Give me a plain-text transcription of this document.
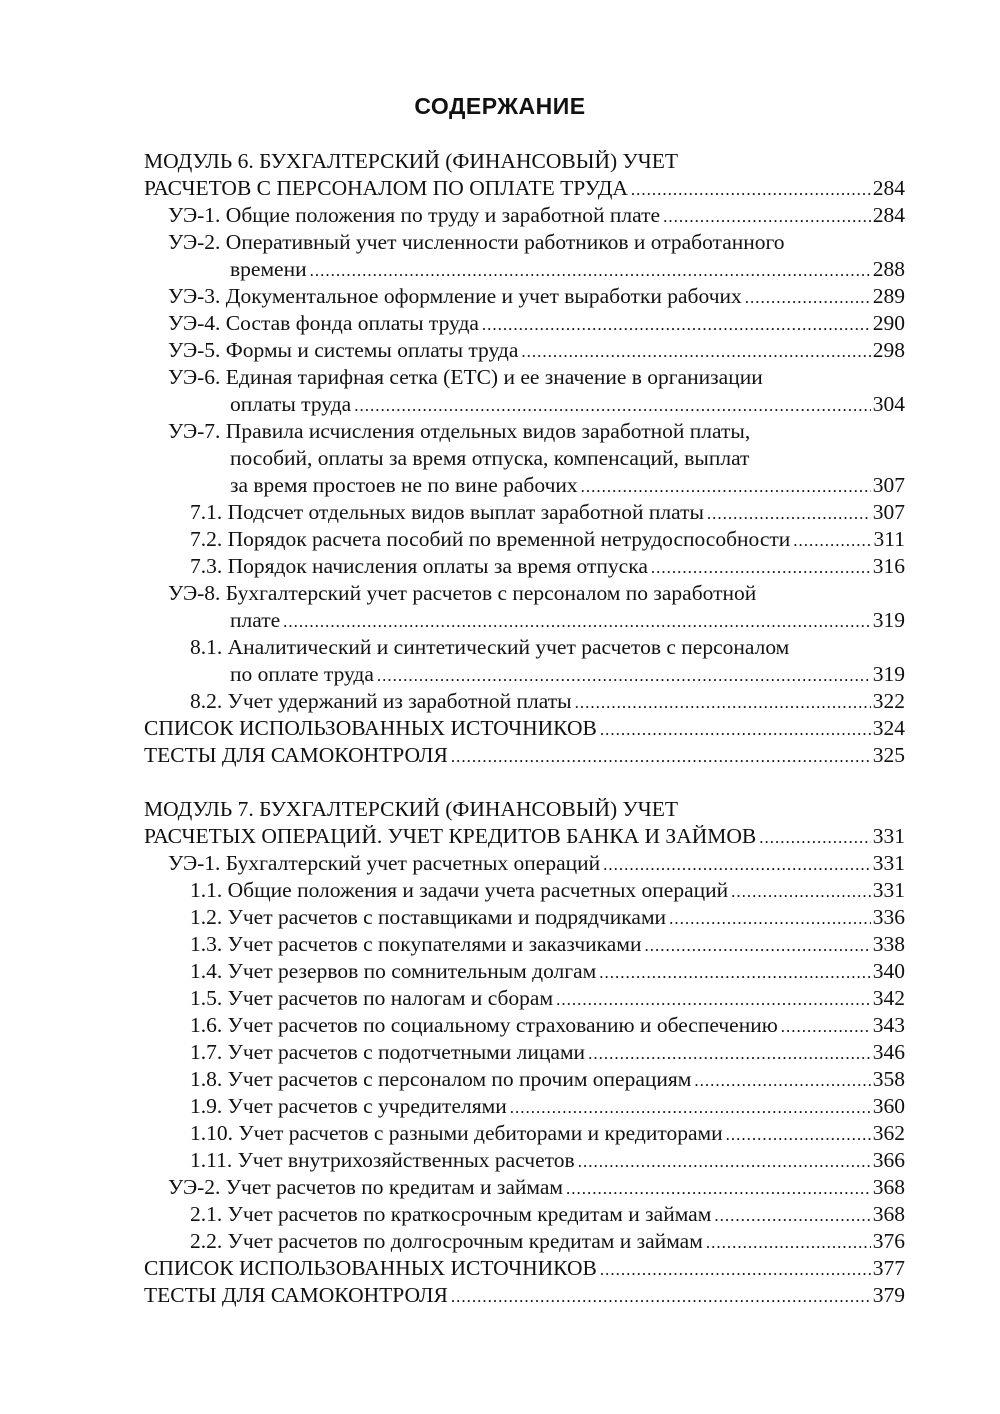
СОДЕРЖАНИЕ
МОДУЛЬ 6. БУХГАЛТЕРСКИЙ (ФИНАНСОВЫЙ) УЧЕТ
РАСЧЕТОВ С ПЕРСОНАЛОМ ПО ОПЛАТЕ ТРУДА .....	284
УЭ-1. Общие положения по труду и заработной плате .....	284
УЭ-2. Оперативный учет численности работников и отработанного
времени .....	288
УЭ-3. Документальное оформление и учет выработки рабочих .....	289
УЭ-4. Состав фонда оплаты труда .....	290
УЭ-5. Формы и системы оплаты труда .....	298
УЭ-6. Единая тарифная сетка (ЕТС) и ее значение в организации
оплаты труда .....	304
УЭ-7. Правила исчисления отдельных видов заработной платы,
пособий, оплаты за время отпуска, компенсаций, выплат
за время простоев не по вине рабочих .....	307
7.1. Подсчет отдельных видов выплат заработной платы .....	307
7.2. Порядок расчета пособий по временной нетрудоспособности .....	311
7.3. Порядок начисления оплаты за время отпуска .....	316
УЭ-8. Бухгалтерский учет расчетов с персоналом по заработной
плате .....	319
8.1. Аналитический и синтетический учет расчетов с персоналом
по оплате труда .....	319
8.2. Учет удержаний из заработной платы .....	322
СПИСОК ИСПОЛЬЗОВАННЫХ ИСТОЧНИКОВ .....	324
ТЕСТЫ ДЛЯ САМОКОНТРОЛЯ .....	325
МОДУЛЬ 7. БУХГАЛТЕРСКИЙ (ФИНАНСОВЫЙ) УЧЕТ
РАСЧЕТЫХ ОПЕРАЦИЙ. УЧЕТ КРЕДИТОВ БАНКА И ЗАЙМОВ .....	331
УЭ-1. Бухгалтерский учет расчетных операций .....	331
1.1. Общие положения и задачи учета расчетных операций .....	331
1.2. Учет расчетов с поставщиками и подрядчиками .....	336
1.3. Учет расчетов с покупателями и заказчиками .....	338
1.4. Учет резервов по сомнительным долгам .....	340
1.5. Учет расчетов по налогам и сборам .....	342
1.6. Учет расчетов по социальному страхованию и обеспечению .....	343
1.7. Учет расчетов с подотчетными лицами .....	346
1.8. Учет расчетов с персоналом по прочим операциям .....	358
1.9. Учет расчетов с учредителями .....	360
1.10. Учет расчетов с разными дебиторами и кредиторами .....	362
1.11. Учет внутрихозяйственных расчетов .....	366
УЭ-2. Учет расчетов по кредитам и займам .....	368
2.1. Учет расчетов по краткосрочным кредитам и займам .....	368
2.2. Учет расчетов по долгосрочным кредитам и займам .....	376
СПИСОК ИСПОЛЬЗОВАННЫХ ИСТОЧНИКОВ .....	377
ТЕСТЫ ДЛЯ САМОКОНТРОЛЯ .....	379
